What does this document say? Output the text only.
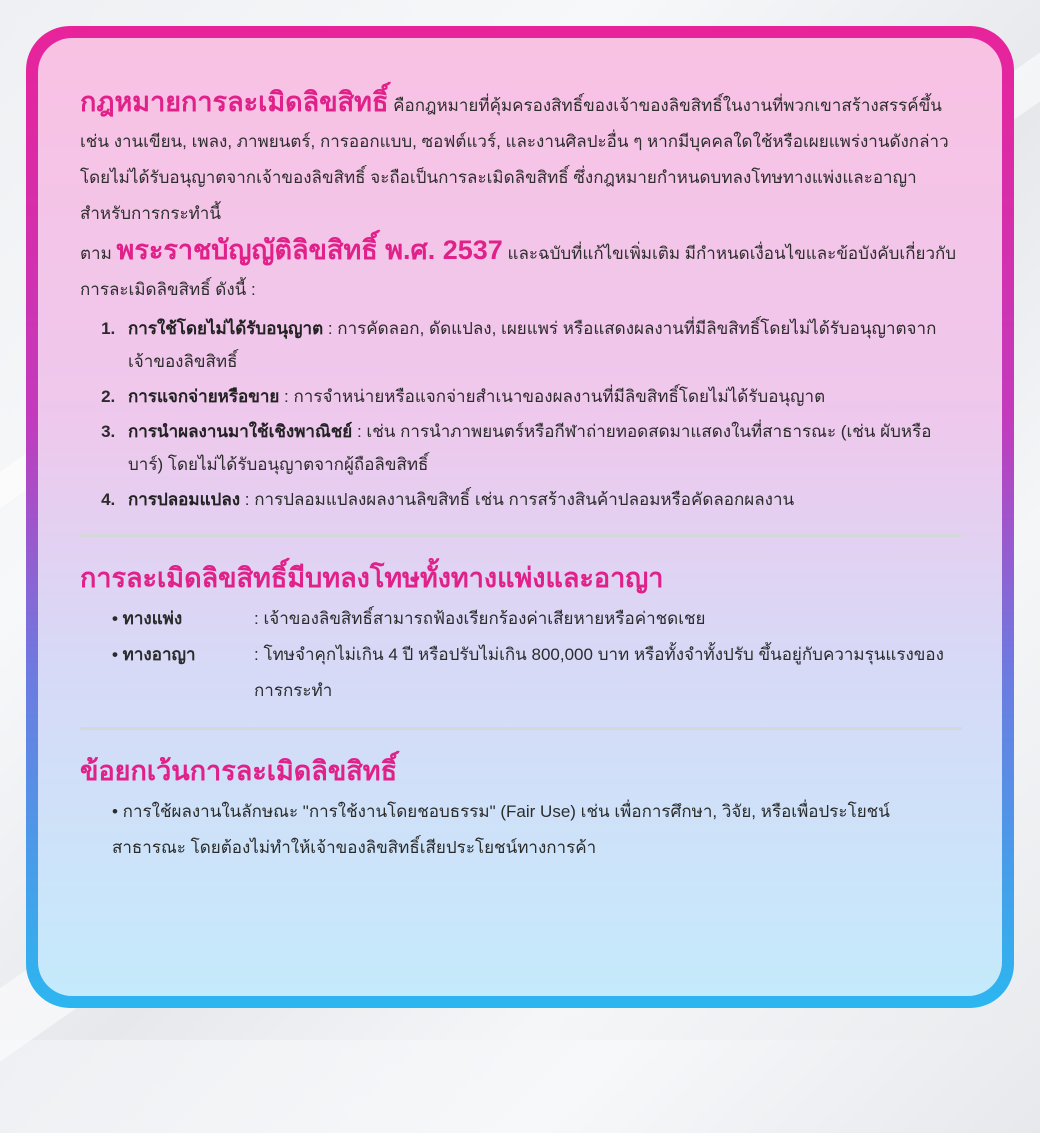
กฎหมายการละเมิดลิขสิทธิ์ คือกฎหมายที่คุ้มครองสิทธิ์ของเจ้าของลิขสิทธิ์ในงานที่พวกเขาสร้างสรรค์ขึ้น เช่น งานเขียน, เพลง, ภาพยนตร์, การออกแบบ, ซอฟต์แวร์, และงานศิลปะอื่น ๆ หากมีบุคคลใดใช้หรือเผยแพร่งานดังกล่าวโดยไม่ได้รับอนุญาตจากเจ้าของลิขสิทธิ์ จะถือเป็นการละเมิดลิขสิทธิ์ ซึ่งกฎหมายกำหนดบทลงโทษทางแพ่งและอาญาสำหรับการกระทำนี้

ตาม พระราชบัญญัติลิขสิทธิ์ พ.ศ. 2537 และฉบับที่แก้ไขเพิ่มเติม มีกำหนดเงื่อนไขและข้อบังคับเกี่ยวกับการละเมิดลิขสิทธิ์ ดังนี้ :

1. การใช้โดยไม่ได้รับอนุญาต : การคัดลอก, ดัดแปลง, เผยแพร่ หรือแสดงผลงานที่มีลิขสิทธิ์โดยไม่ได้รับอนุญาตจากเจ้าของลิขสิทธิ์
2. การแจกจ่ายหรือขาย : การจำหน่ายหรือแจกจ่ายสำเนาของผลงานที่มีลิขสิทธิ์โดยไม่ได้รับอนุญาต
3. การนำผลงานมาใช้เชิงพาณิชย์ : เช่น การนำภาพยนตร์หรือกีฬาถ่ายทอดสดมาแสดงในที่สาธารณะ (เช่น ผับหรือบาร์) โดยไม่ได้รับอนุญาตจากผู้ถือลิขสิทธิ์
4. การปลอมแปลง : การปลอมแปลงผลงานลิขสิทธิ์ เช่น การสร้างสินค้าปลอมหรือคัดลอกผลงาน
การละเมิดลิขสิทธิ์มีบทลงโทษทั้งทางแพ่งและอาญา
• ทางแพ่ง	: เจ้าของลิขสิทธิ์สามารถฟ้องเรียกร้องค่าเสียหายหรือค่าชดเชย
• ทางอาญา	: โทษจำคุกไม่เกิน 4 ปี หรือปรับไม่เกิน 800,000 บาท หรือทั้งจำทั้งปรับ ขึ้นอยู่กับความรุนแรงของการกระทำ
ข้อยกเว้นการละเมิดลิขสิทธิ์

• การใช้ผลงานในลักษณะ "การใช้งานโดยชอบธรรม" (Fair Use) เช่น เพื่อการศึกษา, วิจัย, หรือเพื่อประโยชน์สาธารณะ โดยต้องไม่ทำให้เจ้าของลิขสิทธิ์เสียประโยชน์ทางการค้า
